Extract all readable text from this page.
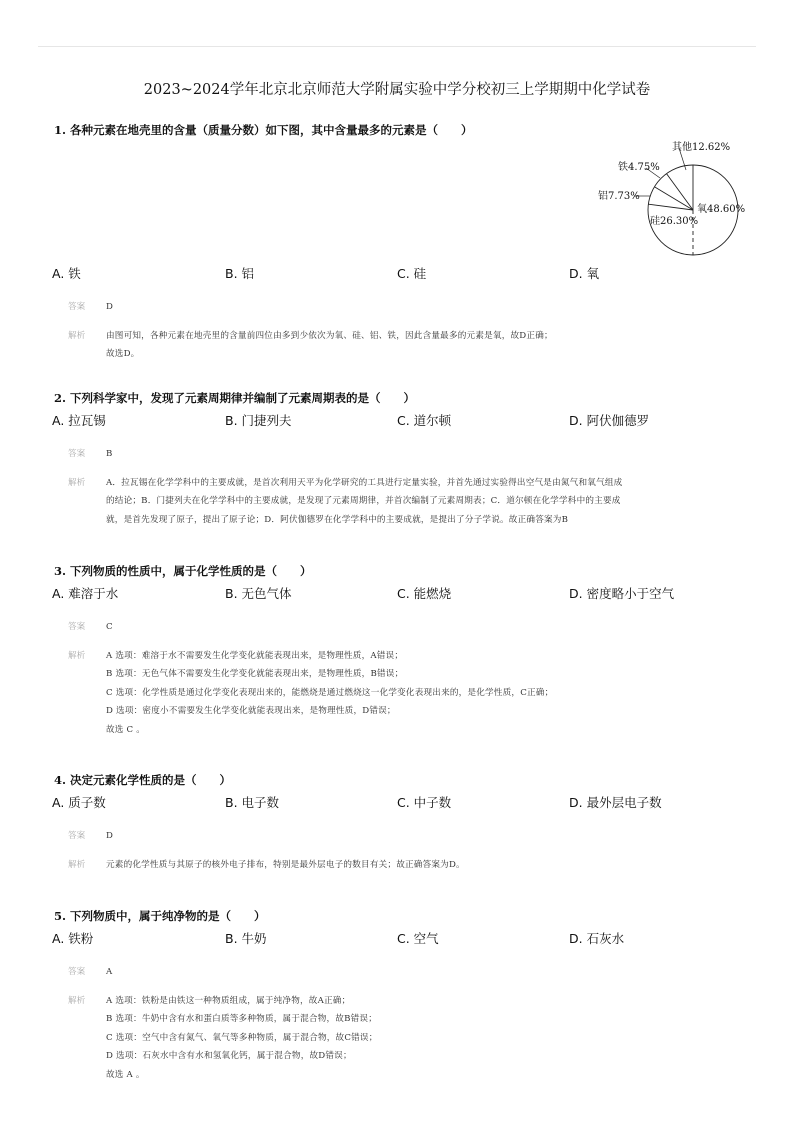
2023~2024学年北京北京师范大学附属实验中学分校初三上学期期中化学试卷
其他12.62%
铁4.75%
铝7.73%
硅26.30%
氧48.60%
1. 各种元素在地壳里的含量（质量分数）如下图，其中含量最多的元素是（　　）
A. 铁	B. 铝	C. 硅	D. 氧
答案	D
解析	由图可知，各种元素在地壳里的含量前四位由多到少依次为氧、硅、铝、铁，因此含量最多的元素是氧，故D正确；
故选D。
2. 下列科学家中，发现了元素周期律并编制了元素周期表的是（　　）
A. 拉瓦锡	B. 门捷列夫	C. 道尔顿	D. 阿伏伽德罗
答案	B
解析	A．拉瓦锡在化学学科中的主要成就，是首次利用天平为化学研究的工具进行定量实验，并首先通过实验得出空气是由氮气和氧气组成
的结论；B．门捷列夫在化学学科中的主要成就，是发现了元素周期律，并首次编制了元素周期表；C．道尔顿在化学学科中的主要成
就，是首先发现了原子，提出了原子论；D．阿伏伽德罗在化学学科中的主要成就，是提出了分子学说。故正确答案为B
3. 下列物质的性质中，属于化学性质的是（　　）
A. 难溶于水	B. 无色气体	C. 能燃烧	D. 密度略小于空气
答案	C
解析	A 选项：难溶于水不需要发生化学变化就能表现出来，是物理性质，A错误；
B 选项：无色气体不需要发生化学变化就能表现出来，是物理性质，B错误；
C 选项：化学性质是通过化学变化表现出来的，能燃烧是通过燃烧这一化学变化表现出来的，是化学性质，C正确；
D 选项：密度小不需要发生化学变化就能表现出来，是物理性质，D错误；
故选 C 。
4. 决定元素化学性质的是（　　）
A. 质子数	B. 电子数	C. 中子数	D. 最外层电子数
答案	D
解析	元素的化学性质与其原子的核外电子排布，特别是最外层电子的数目有关；故正确答案为D。
5. 下列物质中，属于纯净物的是（　　）
A. 铁粉	B. 牛奶	C. 空气	D. 石灰水
答案	A
解析	A 选项：铁粉是由铁这一种物质组成，属于纯净物，故A正确；
B 选项：牛奶中含有水和蛋白质等多种物质，属于混合物，故B错误；
C 选项：空气中含有氮气、氧气等多种物质，属于混合物，故C错误；
D 选项：石灰水中含有水和氢氧化钙，属于混合物，故D错误；
故选 A 。
